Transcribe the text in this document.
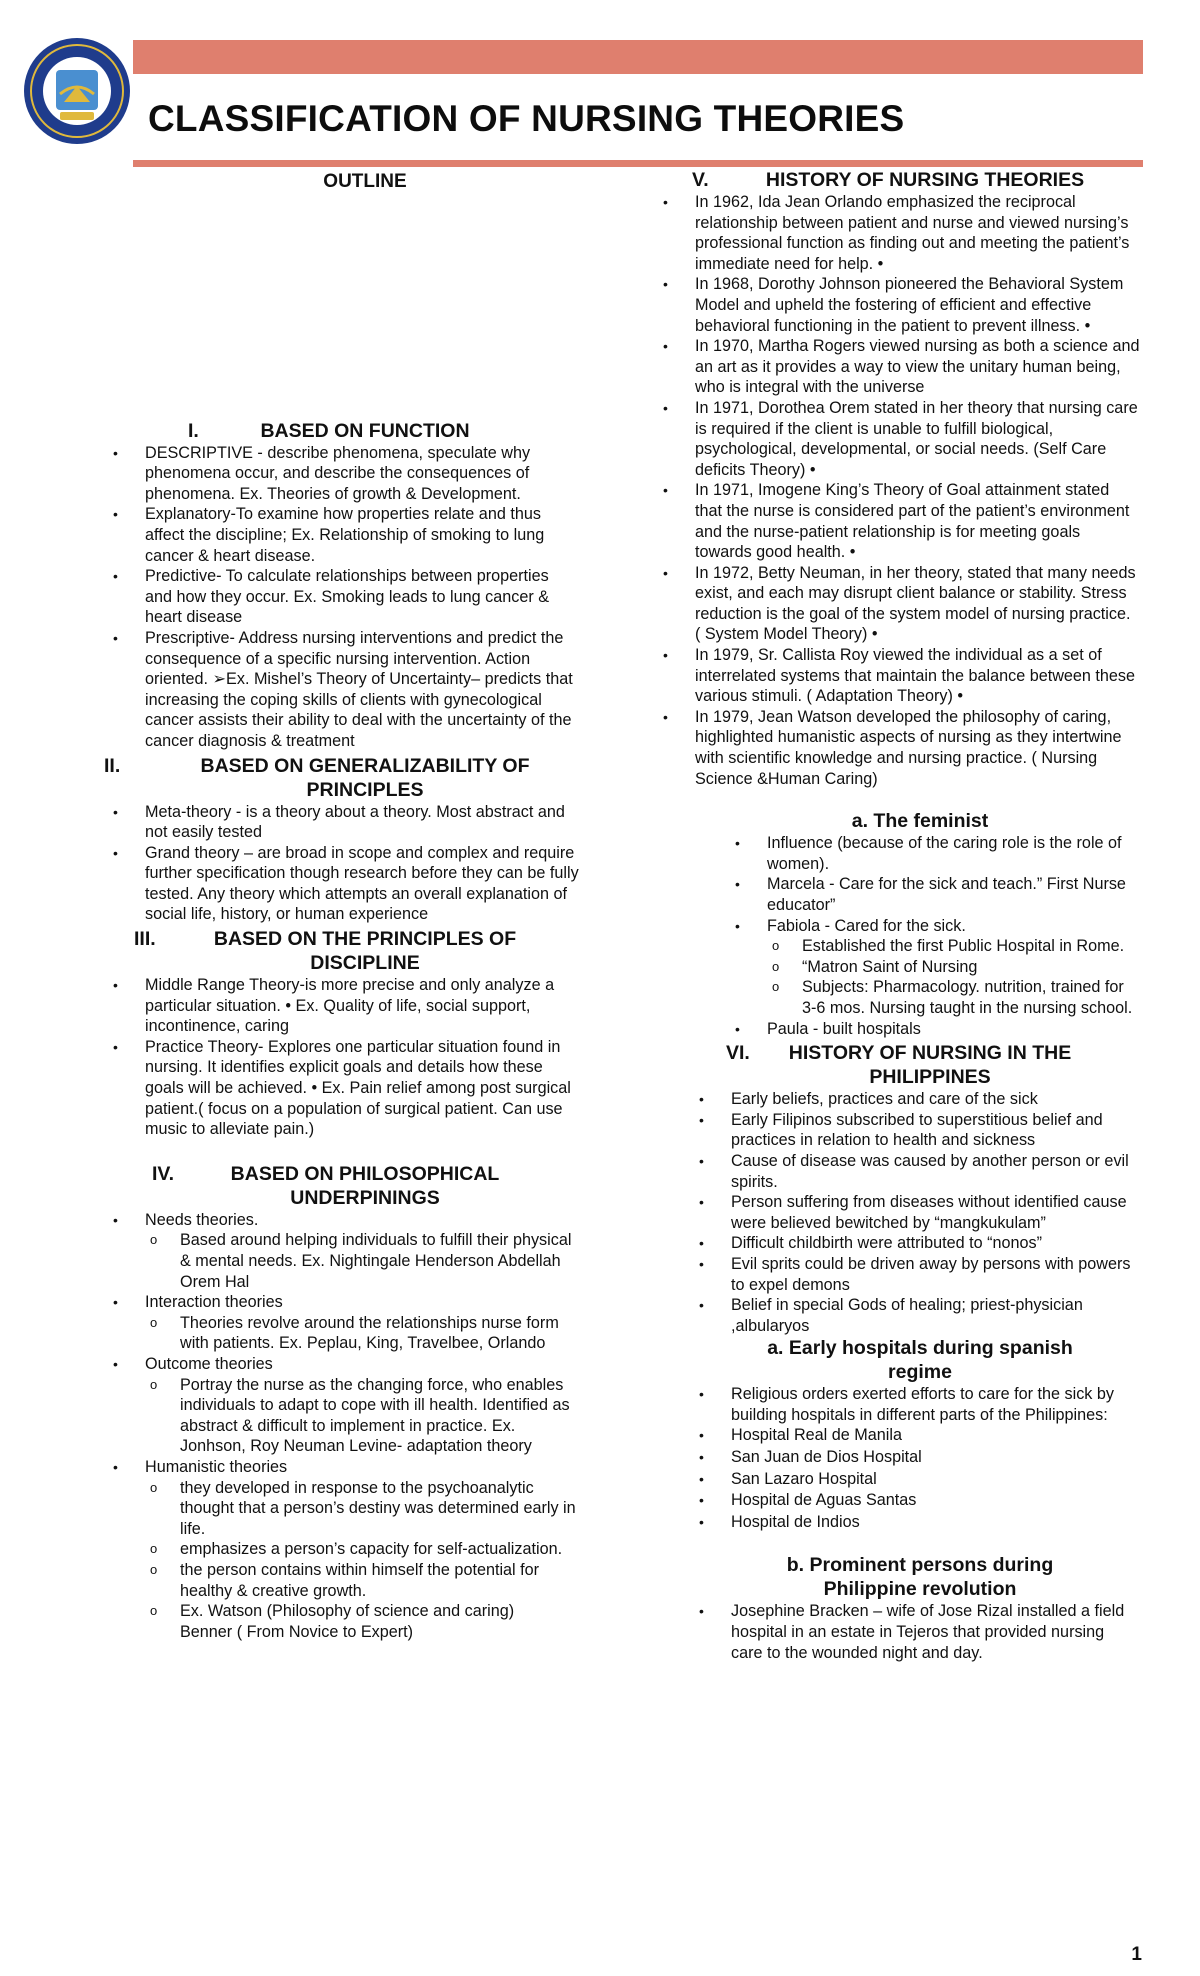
CLASSIFICATION OF NURSING THEORIES
OUTLINE
I.	BASED ON FUNCTION
• DESCRIPTIVE - describe phenomena, speculate why phenomena occur, and describe the consequences of phenomena. Ex. Theories of growth & Development.
• Explanatory-To examine how properties relate and thus affect the discipline; Ex. Relationship of smoking to lung cancer & heart disease.
• Predictive- To calculate relationships between properties and how they occur. Ex. Smoking leads to lung cancer & heart disease
• Prescriptive- Address nursing interventions and predict the consequence of a specific nursing intervention. Action oriented. ➢Ex. Mishel’s Theory of Uncertainty– predicts that increasing the coping skills of clients with gynecological cancer assists their ability to deal with the uncertainty of the cancer diagnosis & treatment
II.	BASED ON GENERALIZABILITY OF
PRINCIPLES
• Meta-theory - is a theory about a theory. Most abstract and not easily tested
• Grand theory – are broad in scope and complex and require further specification though research before they can be fully tested. Any theory which attempts an overall explanation of social life, history, or human experience
III.	BASED ON THE PRINCIPLES OF
DISCIPLINE
• Middle Range Theory-is more precise and only analyze a particular situation. • Ex. Quality of life, social support, incontinence, caring
• Practice Theory- Explores one particular situation found in nursing. It identifies explicit goals and details how these goals will be achieved. • Ex. Pain relief among post surgical patient.( focus on a population of surgical patient. Can use music to alleviate pain.)
IV.	BASED ON PHILOSOPHICAL
UNDERPININGS
• Needs theories.
o Based around helping individuals to fulfill their physical & mental needs. Ex. Nightingale Henderson Abdellah Orem Hal
• Interaction theories
o Theories revolve around the relationships nurse form with patients. Ex. Peplau, King, Travelbee, Orlando
• Outcome theories
o Portray the nurse as the changing force, who enables individuals to adapt to cope with ill health. Identified as abstract & difficult to implement in practice. Ex. Jonhson, Roy Neuman Levine- adaptation theory
• Humanistic theories
o they developed in response to the psychoanalytic thought that a person’s destiny was determined early in life.
o emphasizes a person’s capacity for self-actualization.
o the person contains within himself the potential for healthy & creative growth.
o Ex. Watson (Philosophy of science and caring)
Benner ( From Novice to Expert)
V.	HISTORY OF NURSING THEORIES
• In 1962, Ida Jean Orlando emphasized the reciprocal relationship between patient and nurse and viewed nursing’s professional function as finding out and meeting the patient’s immediate need for help. •
• In 1968, Dorothy Johnson pioneered the Behavioral System Model and upheld the fostering of efficient and effective behavioral functioning in the patient to prevent illness. •
• In 1970, Martha Rogers viewed nursing as both a science and an art as it provides a way to view the unitary human being, who is integral with the universe
• In 1971, Dorothea Orem stated in her theory that nursing care is required if the client is unable to fulfill biological, psychological, developmental, or social needs. (Self Care deficits Theory) •
• In 1971, Imogene King’s Theory of Goal attainment stated that the nurse is considered part of the patient’s environment and the nurse-patient relationship is for meeting goals towards good health. •
• In 1972, Betty Neuman, in her theory, stated that many needs exist, and each may disrupt client balance or stability. Stress reduction is the goal of the system model of nursing practice. ( System Model Theory) •
• In 1979, Sr. Callista Roy viewed the individual as a set of interrelated systems that maintain the balance between these various stimuli. ( Adaptation Theory) •
• In 1979, Jean Watson developed the philosophy of caring, highlighted humanistic aspects of nursing as they intertwine with scientific knowledge and nursing practice. ( Nursing Science &Human Caring)
a. The feminist
• Influence (because of the caring role is the role of women).
• Marcela - Care for the sick and teach.” First Nurse educator”
• Fabiola - Cared for the sick.
o Established the first Public Hospital in Rome.
o “Matron Saint of Nursing
o Subjects: Pharmacology. nutrition, trained for 3-6 mos. Nursing taught in the nursing school.
• Paula - built hospitals
VI.	HISTORY OF NURSING IN THE
PHILIPPINES
• Early beliefs, practices and care of the sick
• Early Filipinos subscribed to superstitious belief and practices in relation to health and sickness
• Cause of disease was caused by another person or evil spirits.
• Person suffering from diseases without identified cause were believed bewitched by “mangkukulam”
• Difficult childbirth were attributed to “nonos”
• Evil sprits could be driven away by persons with powers to expel demons
• Belief in special Gods of healing; priest-physician ,albularyos
a. Early hospitals during spanish
regime
• Religious orders exerted efforts to care for the sick by building hospitals in different parts of the Philippines:
• Hospital Real de Manila
• San Juan de Dios Hospital
• San Lazaro Hospital
• Hospital de Aguas Santas
• Hospital de Indios
b. Prominent persons during
Philippine revolution
• Josephine Bracken – wife of Jose Rizal installed a field hospital in an estate in Tejeros that provided nursing care to the wounded night and day.
1
